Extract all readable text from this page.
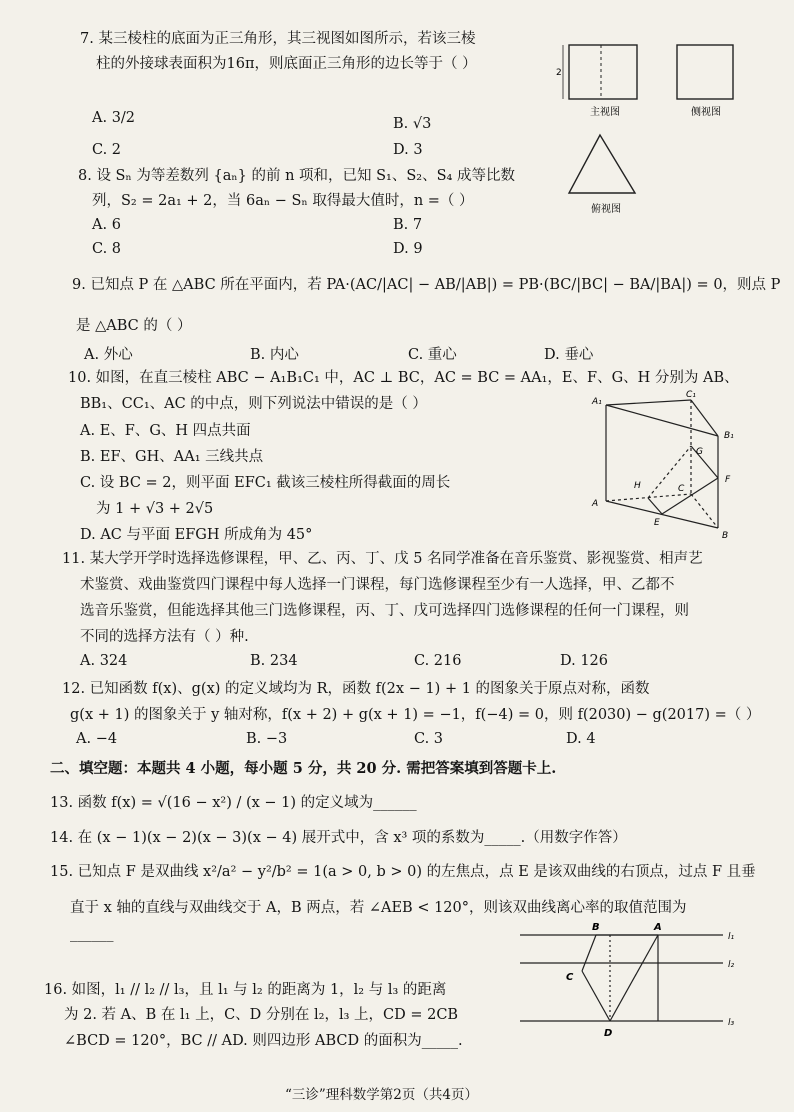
7. 某三棱柱的底面为正三角形，其三视图如图所示，若该三棱
柱的外接球表面积为16π，则底面正三角形的边长等于（ ）
A. 3/2	B. √3
C. 2	D. 3
8. 设 Sₙ 为等差数列 {aₙ} 的前 n 项和，已知 S₁、S₂、S₄ 成等比数
列，S₂ = 2a₁ + 2，当 6aₙ − Sₙ 取得最大值时，n =（ ）
A. 6	B. 7
C. 8	D. 9
9. 已知点 P 在 △ABC 所在平面内，若 PA·(AC/|AC| − AB/|AB|) = PB·(BC/|BC| − BA/|BA|) = 0，则点 P
是 △ABC 的（ ）
A. 外心	B. 内心	C. 重心	D. 垂心
10. 如图，在直三棱柱 ABC − A₁B₁C₁ 中，AC ⊥ BC，AC = BC = AA₁，E、F、G、H 分别为 AB、
BB₁、CC₁、AC 的中点，则下列说法中错误的是（ ）
A. E、F、G、H 四点共面
B. EF、GH、AA₁ 三线共点
C. 设 BC = 2，则平面 EFC₁ 截该三棱柱所得截面的周长
为 1 + √3 + 2√5
D. AC 与平面 EFGH 所成角为 45°
11. 某大学开学时选择选修课程，甲、乙、丙、丁、戊 5 名同学准备在音乐鉴赏、影视鉴赏、相声艺
术鉴赏、戏曲鉴赏四门课程中每人选择一门课程，每门选修课程至少有一人选择，甲、乙都不
选音乐鉴赏，但能选择其他三门选修课程，丙、丁、戊可选择四门选修课程的任何一门课程，则
不同的选择方法有（ ）种.
A. 324	B. 234	C. 216	D. 126
12. 已知函数 f(x)、g(x) 的定义域均为 R，函数 f(2x − 1) + 1 的图象关于原点对称，函数
g(x + 1) 的图象关于 y 轴对称，f(x + 2) + g(x + 1) = −1，f(−4) = 0，则 f(2030) − g(2017) =（ ）
A. −4	B. −3	C. 3	D. 4
二、填空题：本题共 4 小题，每小题 5 分，共 20 分. 需把答案填到答题卡上.
13. 函数 f(x) = √(16 − x²) / (x − 1) 的定义域为______
14. 在 (x − 1)(x − 2)(x − 3)(x − 4) 展开式中，含 x³ 项的系数为_____.（用数字作答）
15. 已知点 F 是双曲线 x²/a² − y²/b² = 1(a > 0, b > 0) 的左焦点，点 E 是该双曲线的右顶点，过点 F 且垂
直于 x 轴的直线与双曲线交于 A，B 两点，若 ∠AEB < 120°，则该双曲线离心率的取值范围为
______
16. 如图，l₁ // l₂ // l₃，且 l₁ 与 l₂ 的距离为 1，l₂ 与 l₃ 的距离
为 2. 若 A、B 在 l₁ 上，C、D 分别在 l₂，l₃ 上，CD = 2CB
∠BCD = 120°，BC // AD. 则四边形 ABCD 的面积为_____.
“三诊”理科数学第2页（共4页）
2
主视图	侧视图
俯视图
A₁
C₁
B₁
G
F
H	C
A
E
B
B	A
C
D
l₁
l₂
l₃
